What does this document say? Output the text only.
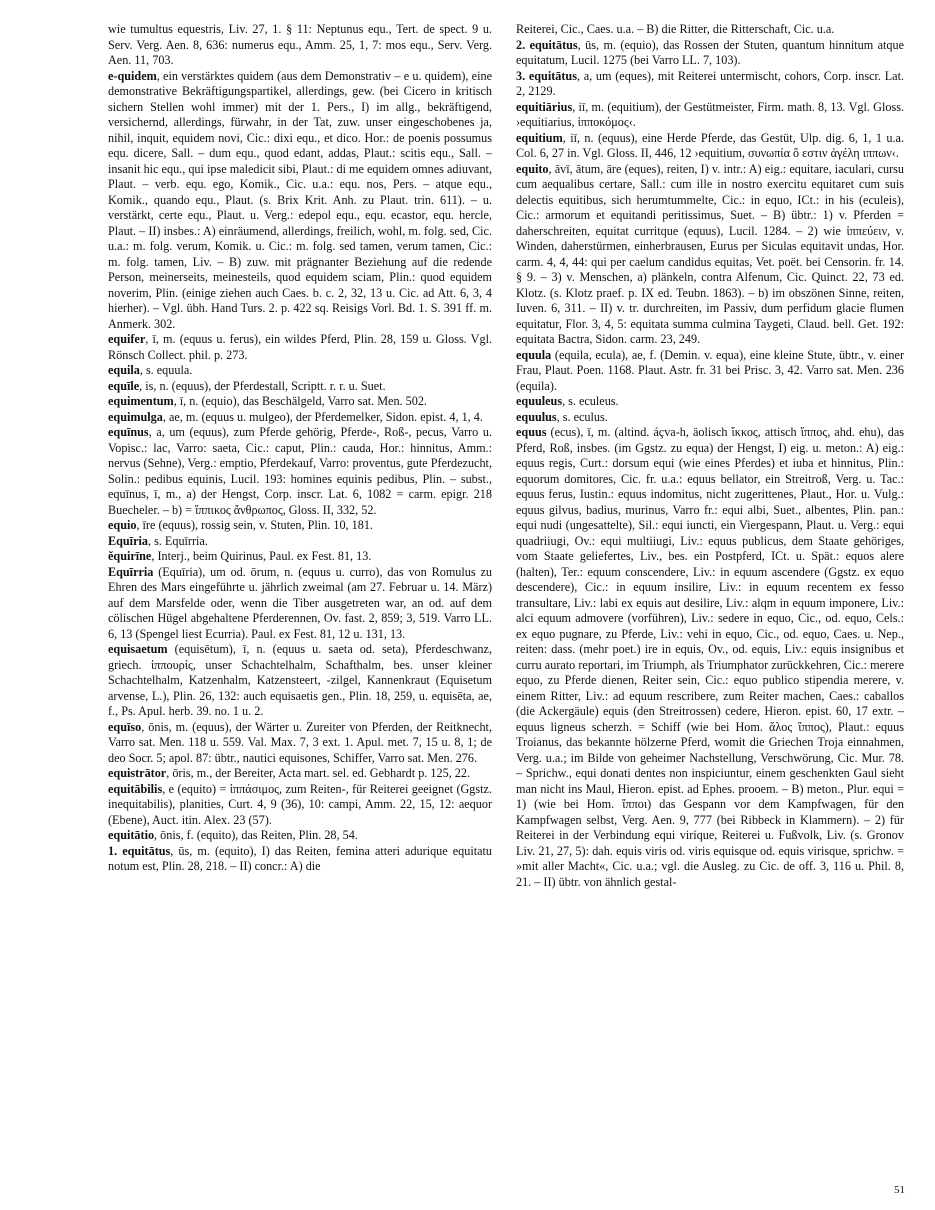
wie tumultus equestris, Liv. 27, 1. § 11: Neptunus equ., Tert. de spect. 9 u. Serv. Verg. Aen. 8, 636: numerus equ., Amm. 25, 1, 7: mos equ., Serv. Verg. Aen. 11, 703.

e-quidem, ein verstärktes quidem (aus dem Demonstrativ – e u. quidem), eine demonstrative Bekräftigungspartikel, allerdings, gew. (bei Cicero in kritisch sichern Stellen wohl immer) mit der 1. Pers., I) im allg., bekräftigend, versichernd, allerdings, fürwahr, in der Tat, zuw. unser eingeschobenes ja, nihil, inquit, equidem novi, Cic.: dixi equ., et dico. Hor.: de poenis possumus equ. dicere, Sall. – dum equ., quod edant, addas, Plaut.: scitis equ., Sall. – insanit hic equ., qui ipse maledicit sibi, Plaut.: di me equidem omnes adiuvant, Plaut. – verb. equ. ego, Komik., Cic. u.a.: equ. nos, Pers. – atque equ., Komik., quando equ., Plaut. (s. Brix Krit. Anh. zu Plaut. trin. 611). – u. verstärkt, certe equ., Plaut. u. Verg.: edepol equ., equ. ecastor, equ. hercle, Plaut. – II) insbes.: A) einräumend, allerdings, freilich, wohl, m. folg. sed, Cic. u.a.: m. folg. verum, Komik. u. Cic.: m. folg. sed tamen, verum tamen, Cic.: m. folg. tamen, Liv. – B) zuw. mit prägnanter Beziehung auf die redende Person, meinerseits, meinesteils, quod equidem sciam, Plin.: quod equidem noverim, Plin. (einige ziehen auch Caes. b. c. 2, 32, 13 u. Cic. ad Att. 6, 3, 4 hierher). – Vgl. übh. Hand Turs. 2. p. 422 sq. Reisigs Vorl. Bd. 1. S. 391 ff. m. Anmerk. 302.

equifer, ī, m. (equus u. ferus), ein wildes Pferd, Plin. 28, 159 u. Gloss. Vgl. Rönsch Collect. phil. p. 273.

equila, s. equula.

equīle, is, n. (equus), der Pferdestall, Scriptt. r. r. u. Suet.

equimentum, ī, n. (equio), das Beschälgeld, Varro sat. Men. 502.

equimulga, ae, m. (equus u. mulgeo), der Pferdemelker, Sidon. epist. 4, 1, 4.

equīnus, a, um (equus), zum Pferde gehörig, Pferde-, Roß-, pecus, Varro u. Vopisc.: lac, Varro: saeta, Cic.: caput, Plin.: cauda, Hor.: hinnitus, Amm.: nervus (Sehne), Verg.: emptio, Pferdekauf, Varro: proventus, gute Pferdezucht, Solin.: pedibus equinis, Lucil. 193: homines equinis pedibus, Plin. – subst., equīnus, ī, m., a) der Hengst, Corp. inscr. Lat. 6, 1082 = carm. epigr. 218 Buecheler. – b) = ἵππικος ἄνθρωπος, Gloss. II, 332, 52.

equio, īre (equus), rossig sein, v. Stuten, Plin. 10, 181.

Equīria, s. Equīrria.

ĕquirīne, Interj., beim Quirinus, Paul. ex Fest. 81, 13.

Equīrria (Equīria), um od. ōrum, n. (equus u. curro), das von Romulus zu Ehren des Mars eingeführte u. jährlich zweimal (am 27. Februar u. 14. März) auf dem Marsfelde oder, wenn die Tiber ausgetreten war, an od. auf dem cölischen Hügel abgehaltene Pferderennen, Ov. fast. 2, 859; 3, 519. Varro LL. 6, 13 (Spengel liest Ecurria). Paul. ex Fest. 81, 12 u. 131, 13.

equisaetum (equisētum), ī, n. (equus u. saeta od. seta), Pferdeschwanz, griech. ἱππουρίς, unser Schachtelhalm, Schafthalm, bes. unser kleiner Schachtelhalm, Katzenhalm, Katzensteert, -zilgel, Kannenkraut (Equisetum arvense, L.), Plin. 26, 132: auch equisaetis gen., Plin. 18, 259, u. equisēta, ae, f., Ps. Apul. herb. 39. no. 1 u. 2.

equīso, ōnis, m. (equus), der Wärter u. Zureiter von Pferden, der Reitknecht, Varro sat. Men. 118 u. 559. Val. Max. 7, 3 ext. 1. Apul. met. 7, 15 u. 8, 1; de deo Socr. 5; apol. 87: übtr., nautici equisones, Schiffer, Varro sat. Men. 276.

equistrātor, ōris, m., der Bereiter, Acta mart. sel. ed. Gebhardt p. 125, 22.

equitābilis, e (equito) = ἱππάσιμος, zum Reiten-, für Reiterei geeignet (Ggstz. inequitabilis), planities, Curt. 4, 9 (36), 10: campi, Amm. 22, 15, 12: aequor (Ebene), Auct. itin. Alex. 23 (57).

equitātio, ōnis, f. (equito), das Reiten, Plin. 28, 54.

1. equitātus, ūs, m. (equito), I) das Reiten, femina atteri adurique equitatu notum est, Plin. 28, 218. – II) concr.: A) die

Reiterei, Cic., Caes. u.a. – B) die Ritter, die Ritterschaft, Cic. u.a.

2. equitātus, ūs, m. (equio), das Rossen der Stuten, quantum hinnitum atque equitatum, Lucil. 1275 (bei Varro LL. 7, 103).

3. equitātus, a, um (eques), mit Reiterei untermischt, cohors, Corp. inscr. Lat. 2, 2129.

equitiārius, iī, m. (equitium), der Gestütmeister, Firm. math. 8, 13. Vgl. Gloss. ›equitiarius, ἱπποκόμος‹.

equitium, iī, n. (equus), eine Herde Pferde, das Gestüt, Ulp. dig. 6, 1, 1 u.a. Col. 6, 27 in. Vgl. Gloss. II, 446, 12 ›equitium, συνωπία ὅ εστιν ἀγέλη ιππων‹.

equito, āvī, ātum, āre (eques), reiten, I) v. intr.: A) eig.: equitare, iaculari, cursu cum aequalibus certare, Sall.: cum ille in nostro exercitu equitaret cum suis delectis equitibus, sich herumtummelte, Cic.: in equo, ICt.: in his (eculeis), Cic.: armorum et equitandi peritissimus, Suet. – B) übtr.: 1) v. Pferden = daherschreiten, equitat curritque (equus), Lucil. 1284. – 2) wie ἱππεύειν, v. Winden, daherstürmen, einherbrausen, Eurus per Siculas equitavit undas, Hor. carm. 4, 4, 44: qui per caelum candidus equitas, Vet. poët. bei Censorin. fr. 14. § 9. – 3) v. Menschen, a) plänkeln, contra Alfenum, Cic. Quinct. 22, 73 ed. Klotz. (s. Klotz praef. p. IX ed. Teubn. 1863). – b) im obszönen Sinne, reiten, Iuven. 6, 311. – II) v. tr. durchreiten, im Passiv, dum perfidum glacie flumen equitatur, Flor. 3, 4, 5: equitata summa culmina Taygeti, Claud. bell. Get. 192: equitata Bactra, Sidon. carm. 23, 249.

equula (equila, ecula), ae, f. (Demin. v. equa), eine kleine Stute, übtr., v. einer Frau, Plaut. Poen. 1168. Plaut. Astr. fr. 31 bei Prisc. 3, 42. Varro sat. Men. 236 (equila).

equuleus, s. eculeus.

equulus, s. eculus.

equus (ecus), ī, m. (altind. áçva-h, äolisch ἴκκος, attisch ἵππος, ahd. ehu), das Pferd, Roß, insbes. (im Ggstz. zu equa) der Hengst, I) eig. u. meton.: A) eig.: equus regis, Curt.: dorsum equi (wie eines Pferdes) et iuba et hinnitus, Plin.: equorum domitores, Cic. fr. u.a.: equus bellator, ein Streitroß, Verg. u. Tac.: equus ferus, Iustin.: equus indomitus, nicht zugerittenes, Plaut., Hor. u. Vulg.: equus gilvus, badius, murinus, Varro fr.: equi albi, Suet., albentes, Plin. pan.: equi nudi (ungesattelte), Sil.: equi iuncti, ein Viergespann, Plaut. u. Verg.: equi quadriiugi, Ov.: equi multiiugi, Liv.: equus publicus, dem Staate gehöriges, vom Staate geliefertes, Liv., bes. ein Postpferd, ICt. u. Spät.: equos alere (halten), Ter.: equum conscendere, Liv.: in equum ascendere (Ggstz. ex equo descendere), Cic.: in equum insilire, Liv.: in equum recentem ex fesso transultare, Liv.: labi ex equis aut desilire, Liv.: alqm in equum imponere, Liv.: alci equum admovere (vorführen), Liv.: sedere in equo, Cic., od. equo, Cels.: ex equo pugnare, zu Pferde, Liv.: vehi in equo, Cic., od. equo, Caes. u. Nep., reiten: dass. (mehr poet.) ire in equis, Ov., od. equis, Liv.: equis insignibus et curru aurato reportari, im Triumph, als Triumphator zurückkehren, Cic.: merere equo, zu Pferde dienen, Reiter sein, Cic.: equo publico stipendia merere, v. einem Ritter, Liv.: ad equum rescribere, zum Reiter machen, Caes.: caballos (die Ackergäule) equis (den Streitrossen) cedere, Hieron. epist. 60, 17 extr. – equus ligneus scherzh. = Schiff (wie bei Hom. ἅλος ἵππος), Plaut.: equus Troianus, das bekannte hölzerne Pferd, womit die Griechen Troja einnahmen, Verg. u.a.; im Bilde von geheimer Nachstellung, Verschwörung, Cic. Mur. 78. – Sprichw., equi donati dentes non inspiciuntur, einem geschenkten Gaul sieht man nicht ins Maul, Hieron. epist. ad Ephes. prooem. – B) meton., Plur. equi = 1) (wie bei Hom. ἵπποι) das Gespann vor dem Kampfwagen, für den Kampfwagen selbst, Verg. Aen. 9, 777 (bei Ribbeck in Klammern). – 2) für Reiterei in der Verbindung equi viríque, Reiterei u. Fußvolk, Liv. (s. Gronov Liv. 21, 27, 5): dah. equis viris od. viris equisque od. equis virisque, sprichw. = »mit aller Macht«, Cic. u.a.; vgl. die Ausleg. zu Cic. de off. 3, 116 u. Phil. 8, 21. – II) übtr. von ähnlich gestal-

51
